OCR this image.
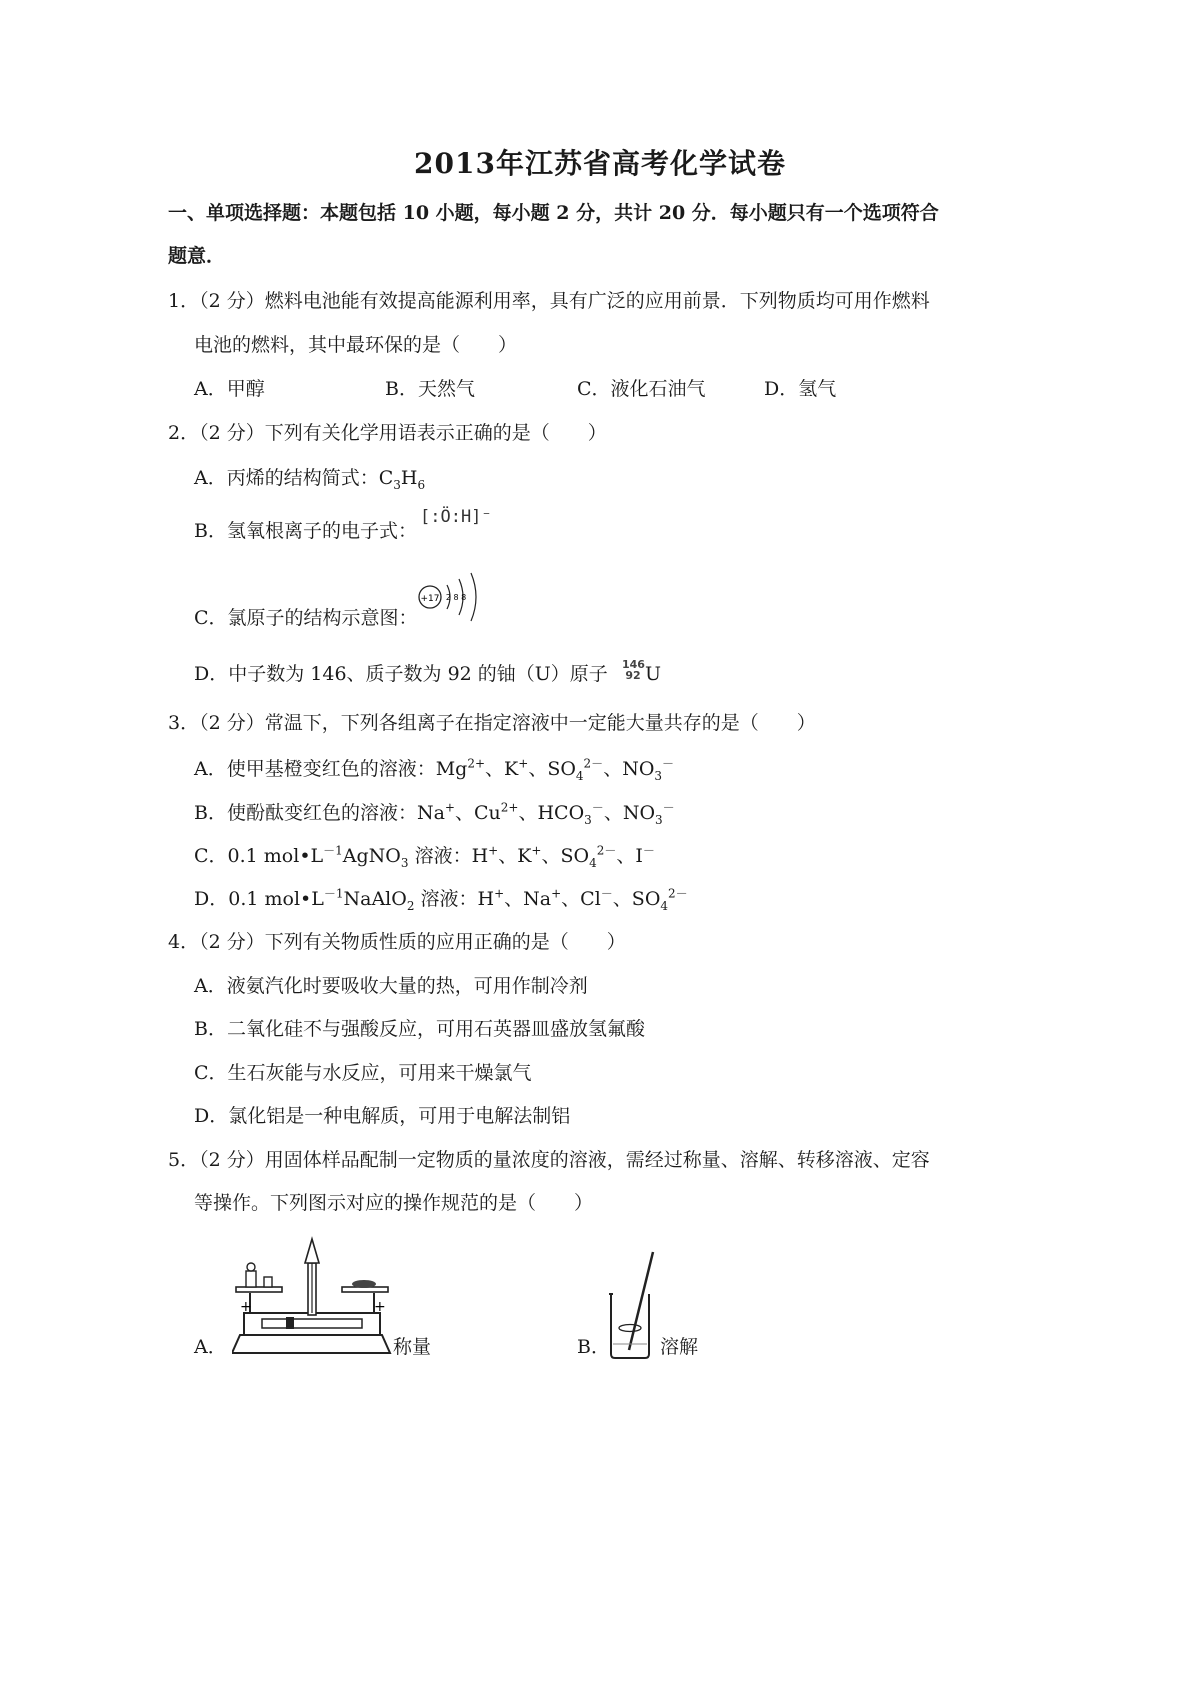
2013年江苏省高考化学试卷
一、单项选择题：本题包括 10 小题，每小题 2 分，共计 20 分．每小题只有一个选项符合
题意．
1．（2 分）燃料电池能有效提高能源利用率，具有广泛的应用前景．下列物质均可用作燃料
电池的燃料，其中最环保的是（　　）
A．甲醇	B．天然气	C．液化石油气	D．氢气
2．（2 分）下列有关化学用语表示正确的是（　　）
A．丙烯的结构简式：$C_3H_6$
B．氢氧根离子的电子式：
[:Ö:H]⁻
C．氯原子的结构示意图：
+17 2 8 8
D．中子数为 146、质子数为 92 的铀（U）原子 146
92 U
3．（2 分）常温下，下列各组离子在指定溶液中一定能大量共存的是（　　）
A．使甲基橙变红色的溶液：$Mg^{2+}$、K+、$SO_4^{2-}$、$NO_3^-$
B．使酚酞变红色的溶液：Na+、$Cu^{2+}$、$HCO_3^-$、$NO_3^-$
C．0.1 $mol•L^{-1}AgNO_3$ 溶液：H+、K+、$SO_4^{2-}$、I－
D．0.1 $mol•L^{-1}NaAlO_2$ 溶液：H+、Na+、Cl－、$SO_4^{2-}$
4．（2 分）下列有关物质性质的应用正确的是（　　）
A．液氨汽化时要吸收大量的热，可用作制冷剂
B．二氧化硅不与强酸反应，可用石英器皿盛放氢氟酸
C．生石灰能与水反应，可用来干燥氯气
D．氯化铝是一种电解质，可用于电解法制铝
5．（2 分）用固体样品配制一定物质的量浓度的溶液，需经过称量、溶解、转移溶液、定容
等操作。下列图示对应的操作规范的是（　　）
A．
+	+
称量	B．	溶解
